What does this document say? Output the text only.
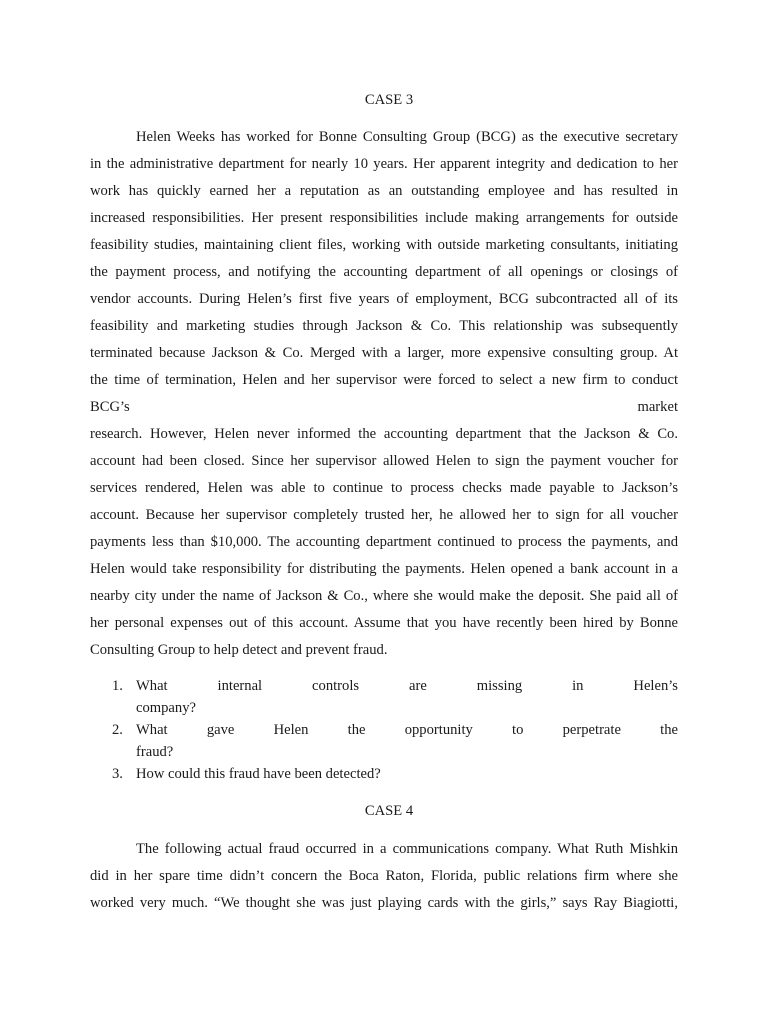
CASE 3
Helen Weeks has worked for Bonne Consulting Group (BCG) as the executive secretary
in the administrative department for nearly 10 years. Her apparent integrity and dedication to her
work has quickly earned her a reputation as an outstanding employee and has resulted in
increased responsibilities. Her present responsibilities include making arrangements for outside
feasibility studies, maintaining client files, working with outside marketing consultants, initiating
the payment process, and notifying the accounting department of all openings or closings of
vendor accounts. During Helen’s first five years of employment, BCG subcontracted all of its
feasibility and marketing studies through Jackson & Co. This relationship was subsequently
terminated because Jackson & Co. Merged with a larger, more expensive consulting group. At
the time of termination, Helen and her supervisor were forced to select a new firm to conduct
BCG’s                                                                                                                  market
research. However, Helen never informed the accounting department that the Jackson & Co.
account had been closed. Since her supervisor allowed Helen to sign the payment voucher for
services rendered, Helen was able to continue to process checks made payable to Jackson’s
account. Because her supervisor completely trusted her, he allowed her to sign for all voucher
payments less than $10,000. The accounting department continued to process the payments, and
Helen would take responsibility for distributing the payments. Helen opened a bank account in a
nearby city under the name of Jackson & Co., where she would make the deposit. She paid all of
her personal expenses out of this account. Assume that you have recently been hired by Bonne
Consulting Group to help detect and prevent fraud.
1. What internal controls are missing in Helen’s
company?
2. What gave Helen the opportunity to perpetrate the
fraud?
3. How could this fraud have been detected?
CASE 4
The following actual fraud occurred in a communications company. What Ruth Mishkin
did in her spare time didn’t concern the Boca Raton, Florida, public relations firm where she
worked very much. “We thought she was just playing cards with the girls,” says Ray Biagiotti,
